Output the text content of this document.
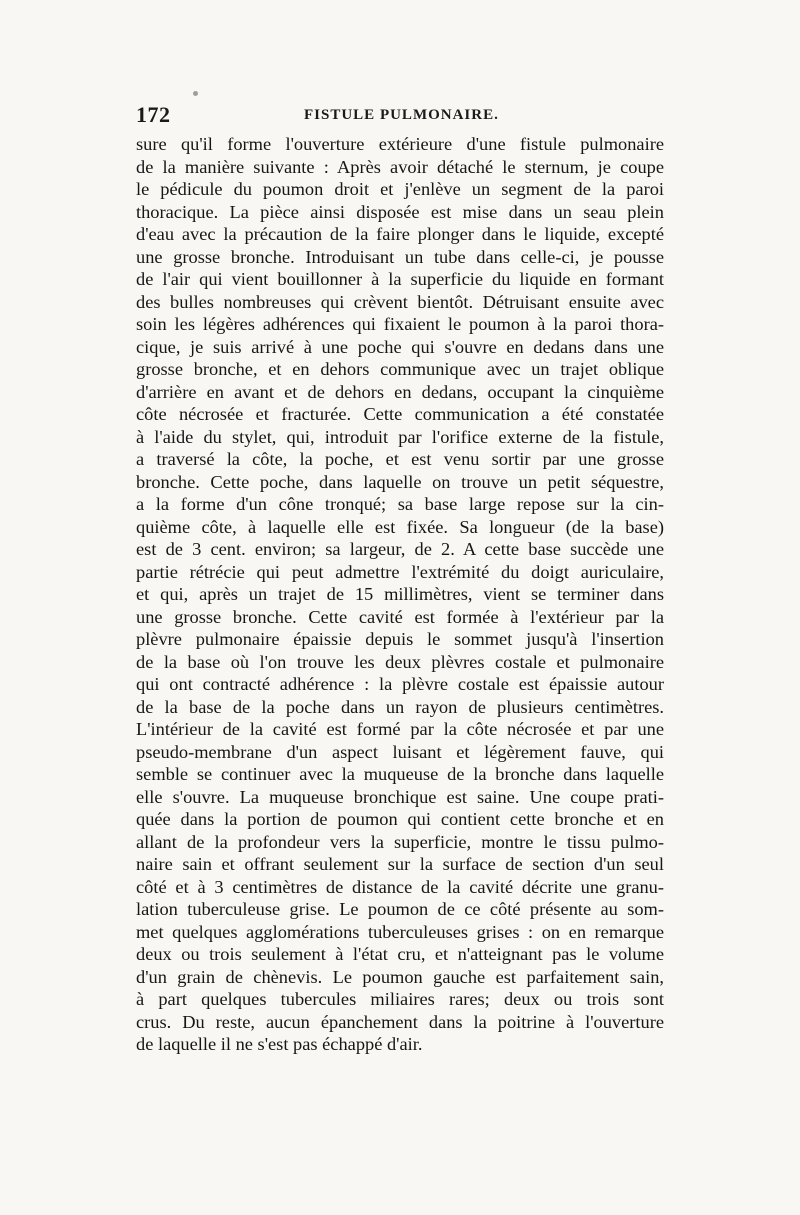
172	FISTULE PULMONAIRE.
sure qu'il forme l'ouverture extérieure d'une fistule pulmonaire
de la manière suivante : Après avoir détaché le sternum, je coupe
le pédicule du poumon droit et j'enlève un segment de la paroi
thoracique. La pièce ainsi disposée est mise dans un seau plein
d'eau avec la précaution de la faire plonger dans le liquide, excepté
une grosse bronche. Introduisant un tube dans celle-ci, je pousse
de l'air qui vient bouillonner à la superficie du liquide en formant
des bulles nombreuses qui crèvent bientôt. Détruisant ensuite avec
soin les légères adhérences qui fixaient le poumon à la paroi thora-
cique, je suis arrivé à une poche qui s'ouvre en dedans dans une
grosse bronche, et en dehors communique avec un trajet oblique
d'arrière en avant et de dehors en dedans, occupant la cinquième
côte nécrosée et fracturée. Cette communication a été constatée
à l'aide du stylet, qui, introduit par l'orifice externe de la fistule,
a traversé la côte, la poche, et est venu sortir par une grosse
bronche. Cette poche, dans laquelle on trouve un petit séquestre,
a la forme d'un cône tronqué; sa base large repose sur la cin-
quième côte, à laquelle elle est fixée. Sa longueur (de la base)
est de 3 cent. environ; sa largeur, de 2. A cette base succède une
partie rétrécie qui peut admettre l'extrémité du doigt auriculaire,
et qui, après un trajet de 15 millimètres, vient se terminer dans
une grosse bronche. Cette cavité est formée à l'extérieur par la
plèvre pulmonaire épaissie depuis le sommet jusqu'à l'insertion
de la base où l'on trouve les deux plèvres costale et pulmonaire
qui ont contracté adhérence : la plèvre costale est épaissie autour
de la base de la poche dans un rayon de plusieurs centimètres.
L'intérieur de la cavité est formé par la côte nécrosée et par une
pseudo-membrane d'un aspect luisant et légèrement fauve, qui
semble se continuer avec la muqueuse de la bronche dans laquelle
elle s'ouvre. La muqueuse bronchique est saine. Une coupe prati-
quée dans la portion de poumon qui contient cette bronche et en
allant de la profondeur vers la superficie, montre le tissu pulmo-
naire sain et offrant seulement sur la surface de section d'un seul
côté et à 3 centimètres de distance de la cavité décrite une granu-
lation tuberculeuse grise. Le poumon de ce côté présente au som-
met quelques agglomérations tuberculeuses grises : on en remarque
deux ou trois seulement à l'état cru, et n'atteignant pas le volume
d'un grain de chènevis. Le poumon gauche est parfaitement sain,
à part quelques tubercules miliaires rares; deux ou trois sont
crus. Du reste, aucun épanchement dans la poitrine à l'ouverture
de laquelle il ne s'est pas échappé d'air.
